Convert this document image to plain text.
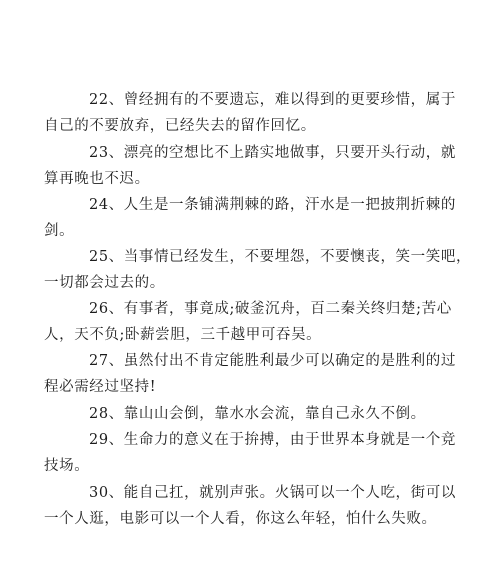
22、曾经拥有的不要遗忘，难以得到的更要珍惜，属于
自己的不要放弃，已经失去的留作回忆。

23、漂亮的空想比不上踏实地做事，只要开头行动，就
算再晚也不迟。

24、人生是一条铺满荆棘的路，汗水是一把披荆折棘的
剑。

25、当事情已经发生，不要埋怨，不要懊丧，笑一笑吧，
一切都会过去的。

26、有事者，事竟成;破釜沉舟，百二秦关终归楚;苦心
人，天不负;卧薪尝胆，三千越甲可吞吴。

27、虽然付出不肯定能胜利最少可以确定的是胜利的过
程必需经过坚持!

28、靠山山会倒，靠水水会流，靠自己永久不倒。

29、生命力的意义在于拚搏，由于世界本身就是一个竞
技场。

30、能自己扛，就别声张。火锅可以一个人吃，街可以
一个人逛，电影可以一个人看，你这么年轻，怕什么失败。
